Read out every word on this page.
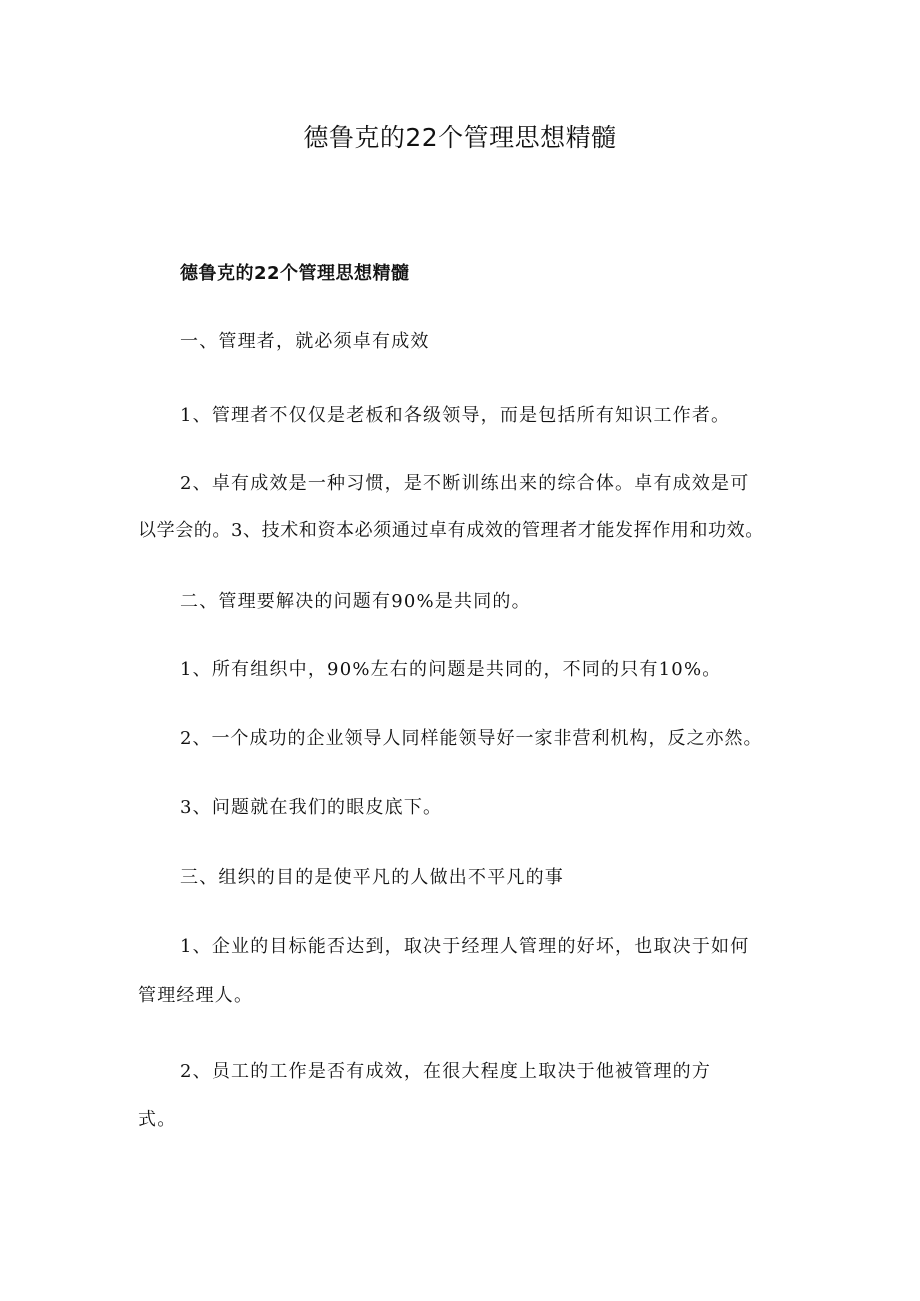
德鲁克的22个管理思想精髓
德鲁克的22个管理思想精髓
一、管理者，就必须卓有成效
1、管理者不仅仅是老板和各级领导，而是包括所有知识工作者。
2、卓有成效是一种习惯，是不断训练出来的综合体。卓有成效是可
以学会的。3、技术和资本必须通过卓有成效的管理者才能发挥作用和功效。
二、管理要解决的问题有90%是共同的。
1、所有组织中，90%左右的问题是共同的，不同的只有10%。
2、一个成功的企业领导人同样能领导好一家非营利机构，反之亦然。
3、问题就在我们的眼皮底下。
三、组织的目的是使平凡的人做出不平凡的事
1、企业的目标能否达到，取决于经理人管理的好坏，也取决于如何
管理经理人。
2、员工的工作是否有成效，在很大程度上取决于他被管理的方
式。
